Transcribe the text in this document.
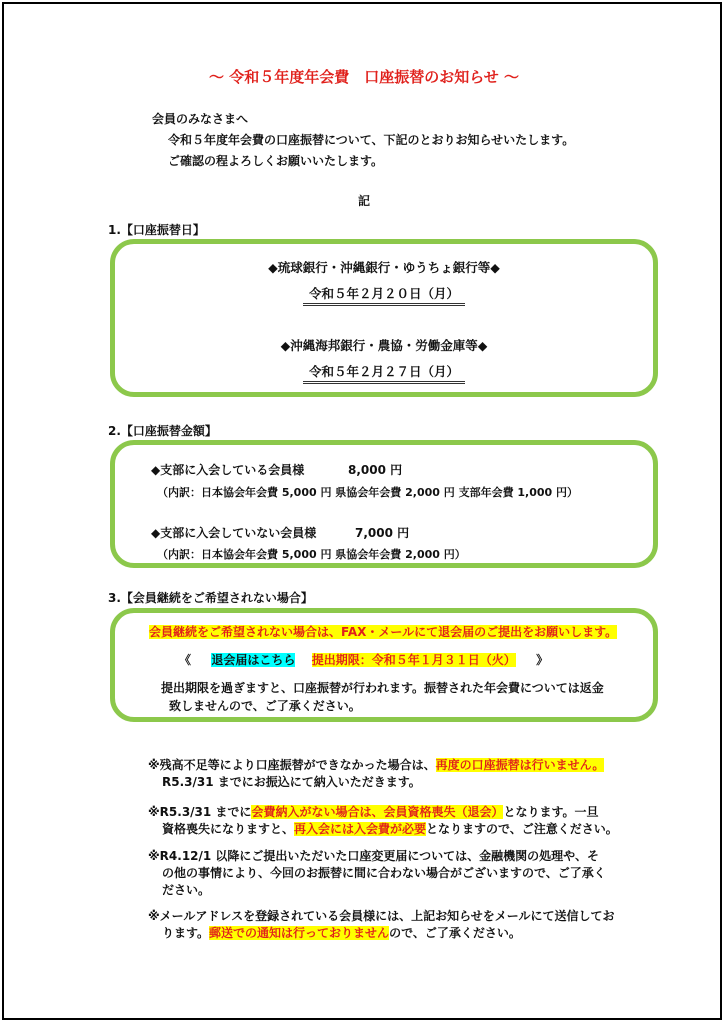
～ 令和５年度年会費　口座振替のお知らせ ～
会員のみなさまへ
令和５年度年会費の口座振替について、下記のとおりお知らせいたします。
ご確認の程よろしくお願いいたします。
記
1.【口座振替日】
◆琉球銀行・沖縄銀行・ゆうちょ銀行等◆
令和５年２月２０日（月）
◆沖縄海邦銀行・農協・労働金庫等◆
令和５年２月２７日（月）
2.【口座振替金額】
◆支部に入会している会員様	8,000 円
（内訳：日本協会年会費 5,000 円 県協会年会費 2,000 円 支部年会費 1,000 円）
◆支部に入会していない会員様	7,000 円
（内訳：日本協会年会費 5,000 円 県協会年会費 2,000 円）
3.【会員継続をご希望されない場合】
会員継続をご希望されない場合は、FAX・メールにて退会届のご提出をお願いします。
《 退会届はこちら 提出期限：令和５年１月３１日（火） 》
提出期限を過ぎますと、口座振替が行われます。振替された年会費については返金
致しませんので、ご了承ください。
※残高不足等により口座振替ができなかった場合は、再度の口座振替は行いません。
R5.3/31 までにお振込にて納入いただきます。
※R5.3/31 までに会費納入がない場合は、会員資格喪失（退会）となります。一旦
資格喪失になりますと、再入会には入会費が必要となりますので、ご注意ください。
※R4.12/1 以降にご提出いただいた口座変更届については、金融機関の処理や、そ
の他の事情により、今回のお振替に間に合わない場合がございますので、ご了承く
ださい。
※メールアドレスを登録されている会員様には、上記お知らせをメールにて送信してお
ります。郵送での通知は行っておりませんので、ご了承ください。
